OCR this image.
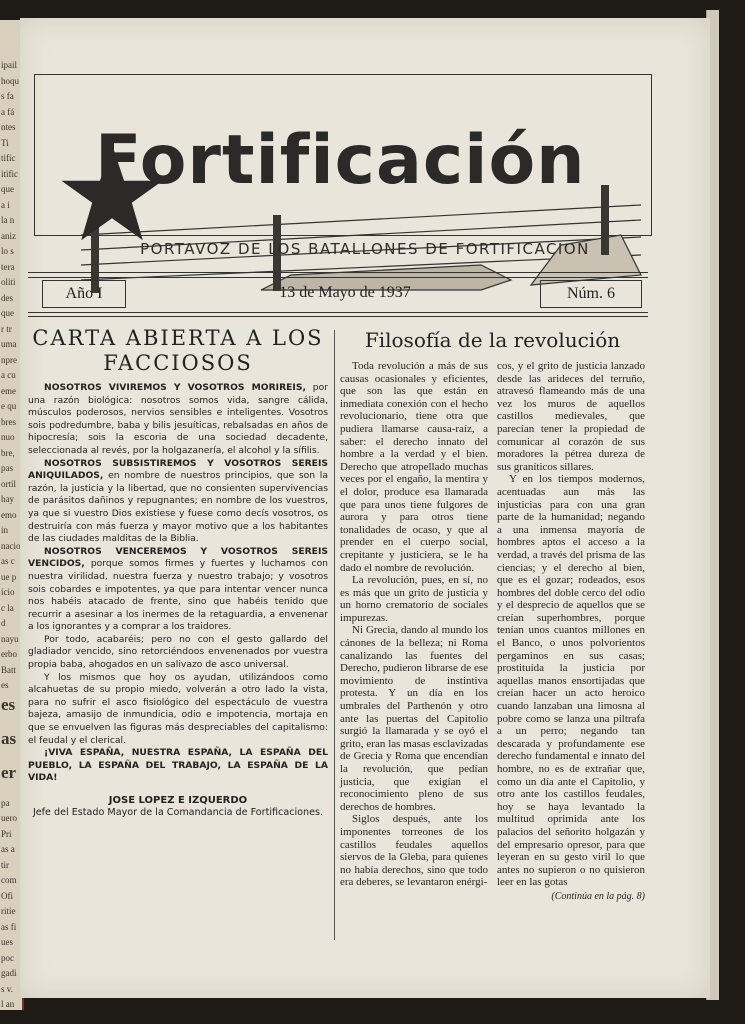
ipail
hoqu
s fa
a fá
ntes
Ti
tific
itific
que
a i
la n
aniz
lo s
tera
oliti
des
que
r tr
uma
npre
a cu
eme
e qu
bres
nuo
bre,
pas
ortil
hay
emo
in
nacio
as c
ue p
icio
c la
d
nayu
erbo
Batt
es
es
as
er
pa
uero
Pri
as a
tir
com
Ofi
ritie
as fi
ues
poc
gadi
s v.
l an
Fortificación
PORTAVOZ DE LOS BATALLONES DE FORTIFICACION
Año I	13 de Mayo de 1937	Núm. 6
CARTA ABIERTA A LOS
FACCIOSOS

NOSOTROS VIVIREMOS Y VOSOTROS MORIREIS, por una razón biológica: nosotros somos vida, sangre cálida, músculos poderosos, nervios sensibles e inteligentes. Vosotros sois podredumbre, baba y bilis jesuíticas, rebalsadas en años de hipocresía; sois la escoria de una sociedad decadente, seleccionada al revés, por la holgazanería, el alcohol y la sífilis.

NOSOTROS SUBSISTIREMOS Y VOSOTROS SEREIS ANIQUILADOS, en nombre de nuestros principios, que son la razón, la justicia y la libertad, que no consienten supervivencias de parásitos dañinos y repugnantes; en nombre de los vuestros, ya que si vuestro Dios existiese y fuese como decís vosotros, os destruiría con más fuerza y mayor motivo que a los habitantes de las ciudades malditas de la Biblia.

NOSOTROS VENCEREMOS Y VOSOTROS SEREIS VENCIDOS, porque somos firmes y fuertes y luchamos con nuestra virilidad, nuestra fuerza y nuestro trabajo; y vosotros sois cobardes e impotentes, ya que para intentar vencer nunca nos habéis atacado de frente, sino que habéis tenido que recurrir a asesinar a los inermes de la retaguardia, a envenenar a los ignorantes y a comprar a los traidores.

Por todo, acabaréis; pero no con el gesto gallardo del gladiador vencido, sino retorciéndoos envenenados por vuestra propia baba, ahogados en un salivazo de asco universal.

Y los mismos que hoy os ayudan, utilizándoos como alcahuetas de su propio miedo, volverán a otro lado la vista, para no sufrir el asco fisiológico del espectáculo de vuestra bajeza, amasijo de inmundicia, odio e impotencia, mortaja en que se envuelven las figuras más despreciables del capitalismo: el feudal y el clerical.

¡VIVA ESPAÑA, NUESTRA ESPAÑA, LA ESPAÑA DEL PUEBLO, LA ESPAÑA DEL TRABAJO, LA ESPAÑA DE LA VIDA!

JOSE LOPEZ E IZQUERDO
Jefe del Estado Mayor de la Comandancia de Fortificaciones.
Filosofía de la revolución

Toda revolución a más de sus causas ocasionales y eficientes, que son las que están en inmediata conexión con el hecho revolucionario, tiene otra que pudiera llamarse causa-raíz, a saber: el derecho innato del hombre a la verdad y el bien. Derecho que atropellado muchas veces por el engaño, la mentira y el dolor, produce esa llamarada que para unos tiene fulgores de aurora y para otros tiene tonalidades de ocaso, y que al prender en el cuerpo social, crepitante y justiciera, se le ha dado el nombre de revolución.

La revolución, pues, en sí, no es más que un grito de justicia y un horno crematorio de sociales impurezas.

Ni Grecia, dando al mundo los cánones de la belleza; ni Roma canalizando las fuentes del Derecho, pudieron librarse de ese movimiento de instintiva protesta. Y un día en los umbrales del Parthenón y otro ante las puertas del Capitolio surgió la llamarada y se oyó el grito, eran las masas esclavizadas de Grecia y Roma que encendían la revolución, que pedían justicia, que exigían el reconocimiento pleno de sus derechos de hombres.

Siglos después, ante los imponentes torreones de los castillos feudales aquellos siervos de la Gleba, para quienes no había derechos, sino que todo era deberes, se levantaron enérgi-

cos, y el grito de justicia lanzado desde las arideces del terruño, atravesó flameando más de una vez los muros de aquellos castillos medievales, que parecían tener la propiedad de comunicar al corazón de sus moradores la pétrea dureza de sus graníticos sillares.

Y en los tiempos modernos, acentuadas aun más las injusticias para con una gran parte de la humanidad; negando a una inmensa mayoría de hombres aptos el acceso a la verdad, a través del prisma de las ciencias; y el derecho al bien, que es el gozar; rodeados, esos hombres del doble cerco del odio y el desprecio de aquellos que se creían superhombres, porque tenían unos cuantos millones en el Banco, o unos polvorientos pergaminos en sus casas; prostituída la justicia por aquellas manos ensortijadas que creían hacer un acto heroico cuando lanzaban una limosna al pobre como se lanza una piltrafa a un perro; negando tan descarada y profundamente ese derecho fundamental e innato del hombre, no es de extrañar que, como un día ante el Capitolio, y otro ante los castillos feudales, hoy se haya levantado la multitud oprimida ante los palacios del señorito holgazán y del empresario opresor, para que leyeran en su gesto viril lo que antes no supieron o no quisieron leer en las gotas

(Continúa en la pág. 8)
